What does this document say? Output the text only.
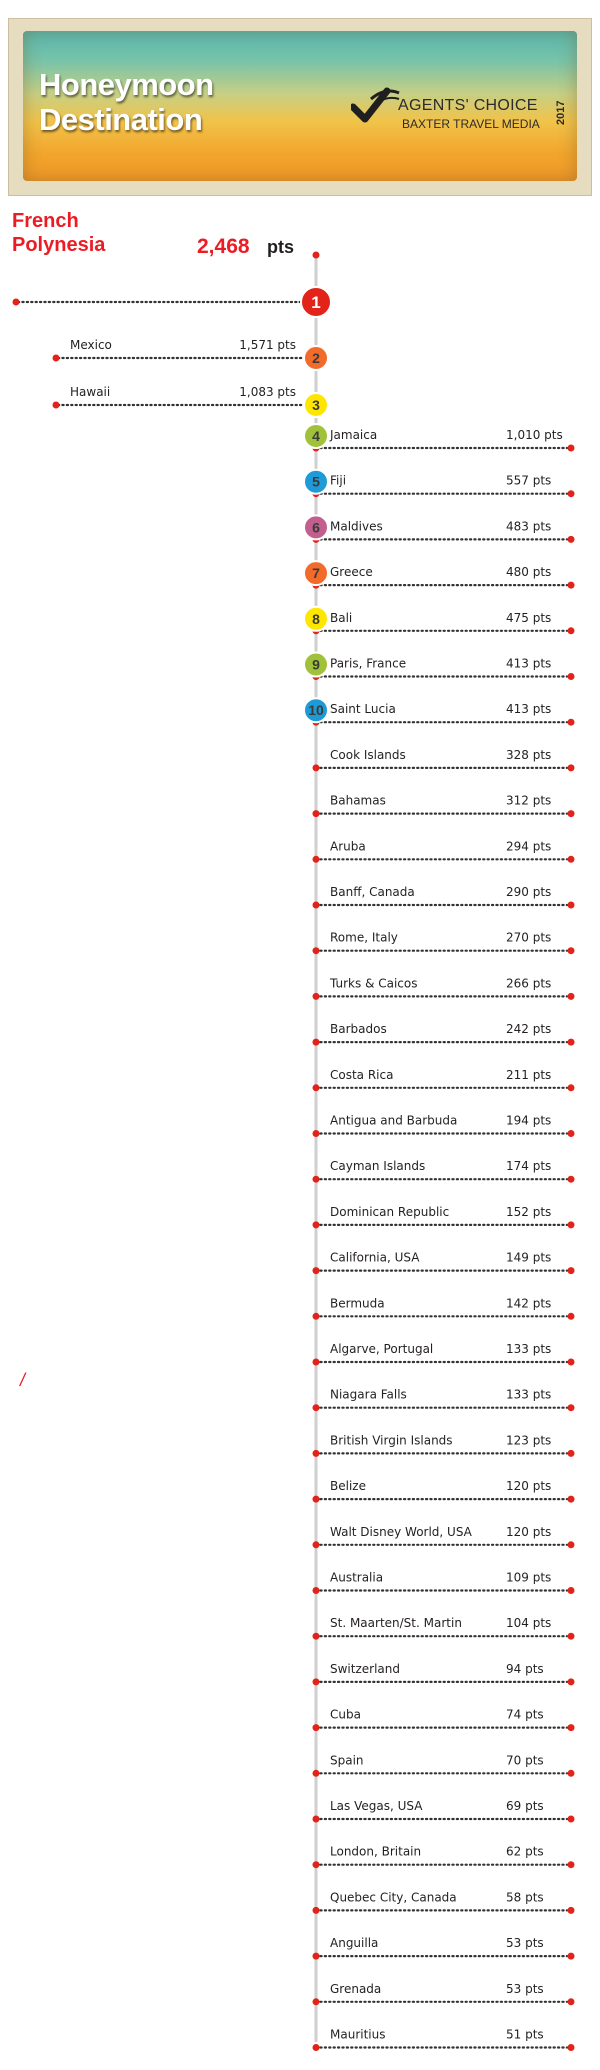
Honeymoon
Destination	AGENTS' CHOICE
BAXTER TRAVEL MEDIA 2017
French Polynesia	2,468 pts
/
1
Mexico	1,571 pts
2
Hawaii	1,083 pts
3
Jamaica	1,010 pts
4
Fiji	557 pts
5
Maldives	483 pts
6
Greece	480 pts
7
Bali	475 pts
8
Paris, France	413 pts
9
Saint Lucia	413 pts
10
Cook Islands	328 pts
Bahamas	312 pts
Aruba	294 pts
Banff, Canada	290 pts
Rome, Italy	270 pts
Turks & Caicos	266 pts
Barbados	242 pts
Costa Rica	211 pts
Antigua and Barbuda	194 pts
Cayman Islands	174 pts
Dominican Republic	152 pts
California, USA	149 pts
Bermuda	142 pts
Algarve, Portugal	133 pts
Niagara Falls	133 pts
British Virgin Islands	123 pts
Belize	120 pts
Walt Disney World, USA	120 pts
Australia	109 pts
St. Maarten/St. Martin	104 pts
Switzerland	94 pts
Cuba	74 pts
Spain	70 pts
Las Vegas, USA	69 pts
London, Britain	62 pts
Quebec City, Canada	58 pts
Anguilla	53 pts
Grenada	53 pts
Mauritius	51 pts
